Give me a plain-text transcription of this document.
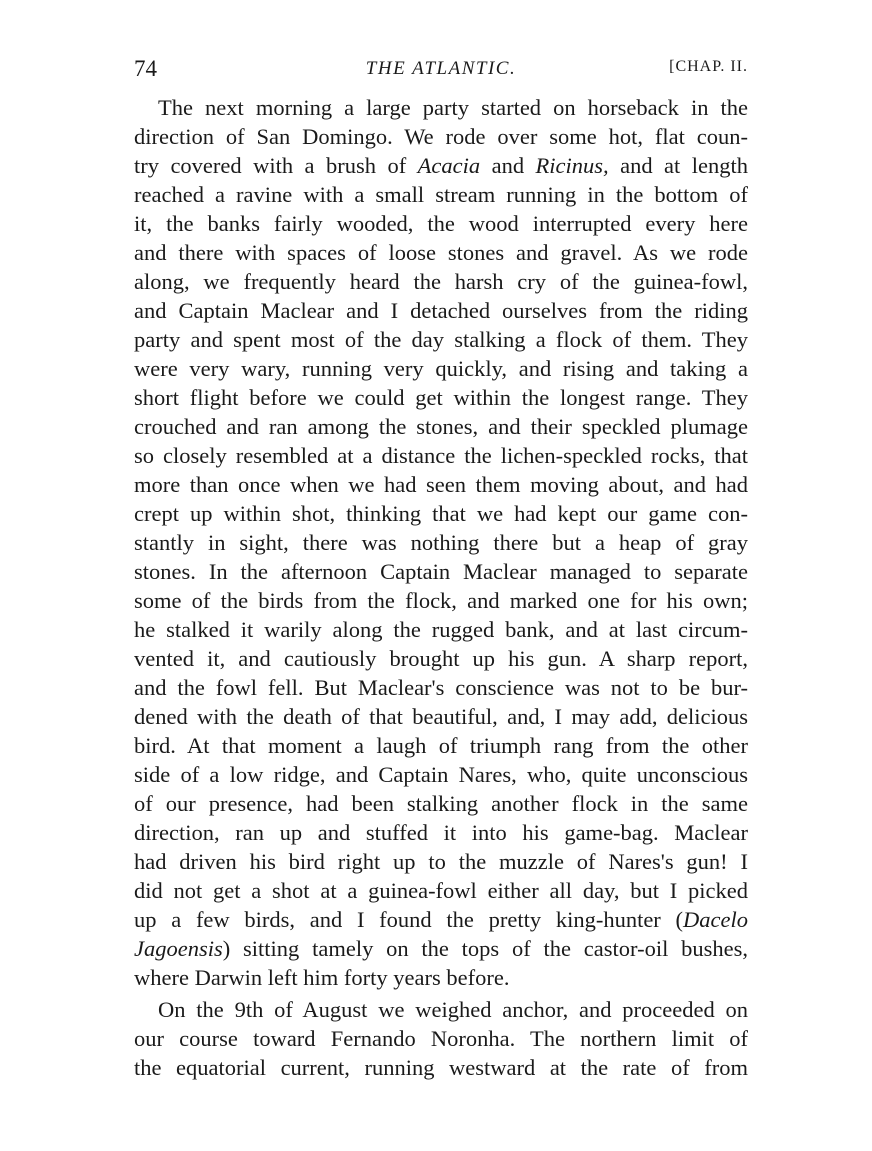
74	THE ATLANTIC.	[CHAP. II.
The next morning a large party started on horseback in the
direction of San Domingo. We rode over some hot, flat coun-
try covered with a brush of Acacia and Ricinus, and at length
reached a ravine with a small stream running in the bottom of
it, the banks fairly wooded, the wood interrupted every here
and there with spaces of loose stones and gravel. As we rode
along, we frequently heard the harsh cry of the guinea-fowl,
and Captain Maclear and I detached ourselves from the riding
party and spent most of the day stalking a flock of them. They
were very wary, running very quickly, and rising and taking a
short flight before we could get within the longest range. They
crouched and ran among the stones, and their speckled plumage
so closely resembled at a distance the lichen-speckled rocks, that
more than once when we had seen them moving about, and had
crept up within shot, thinking that we had kept our game con-
stantly in sight, there was nothing there but a heap of gray
stones. In the afternoon Captain Maclear managed to separate
some of the birds from the flock, and marked one for his own;
he stalked it warily along the rugged bank, and at last circum-
vented it, and cautiously brought up his gun. A sharp report,
and the fowl fell. But Maclear's conscience was not to be bur-
dened with the death of that beautiful, and, I may add, delicious
bird. At that moment a laugh of triumph rang from the other
side of a low ridge, and Captain Nares, who, quite unconscious
of our presence, had been stalking another flock in the same
direction, ran up and stuffed it into his game-bag. Maclear
had driven his bird right up to the muzzle of Nares's gun! I
did not get a shot at a guinea-fowl either all day, but I picked
up a few birds, and I found the pretty king-hunter (Dacelo
Jagoensis) sitting tamely on the tops of the castor-oil bushes,
where Darwin left him forty years before.
On the 9th of August we weighed anchor, and proceeded on
our course toward Fernando Noronha. The northern limit of
the equatorial current, running westward at the rate of from
